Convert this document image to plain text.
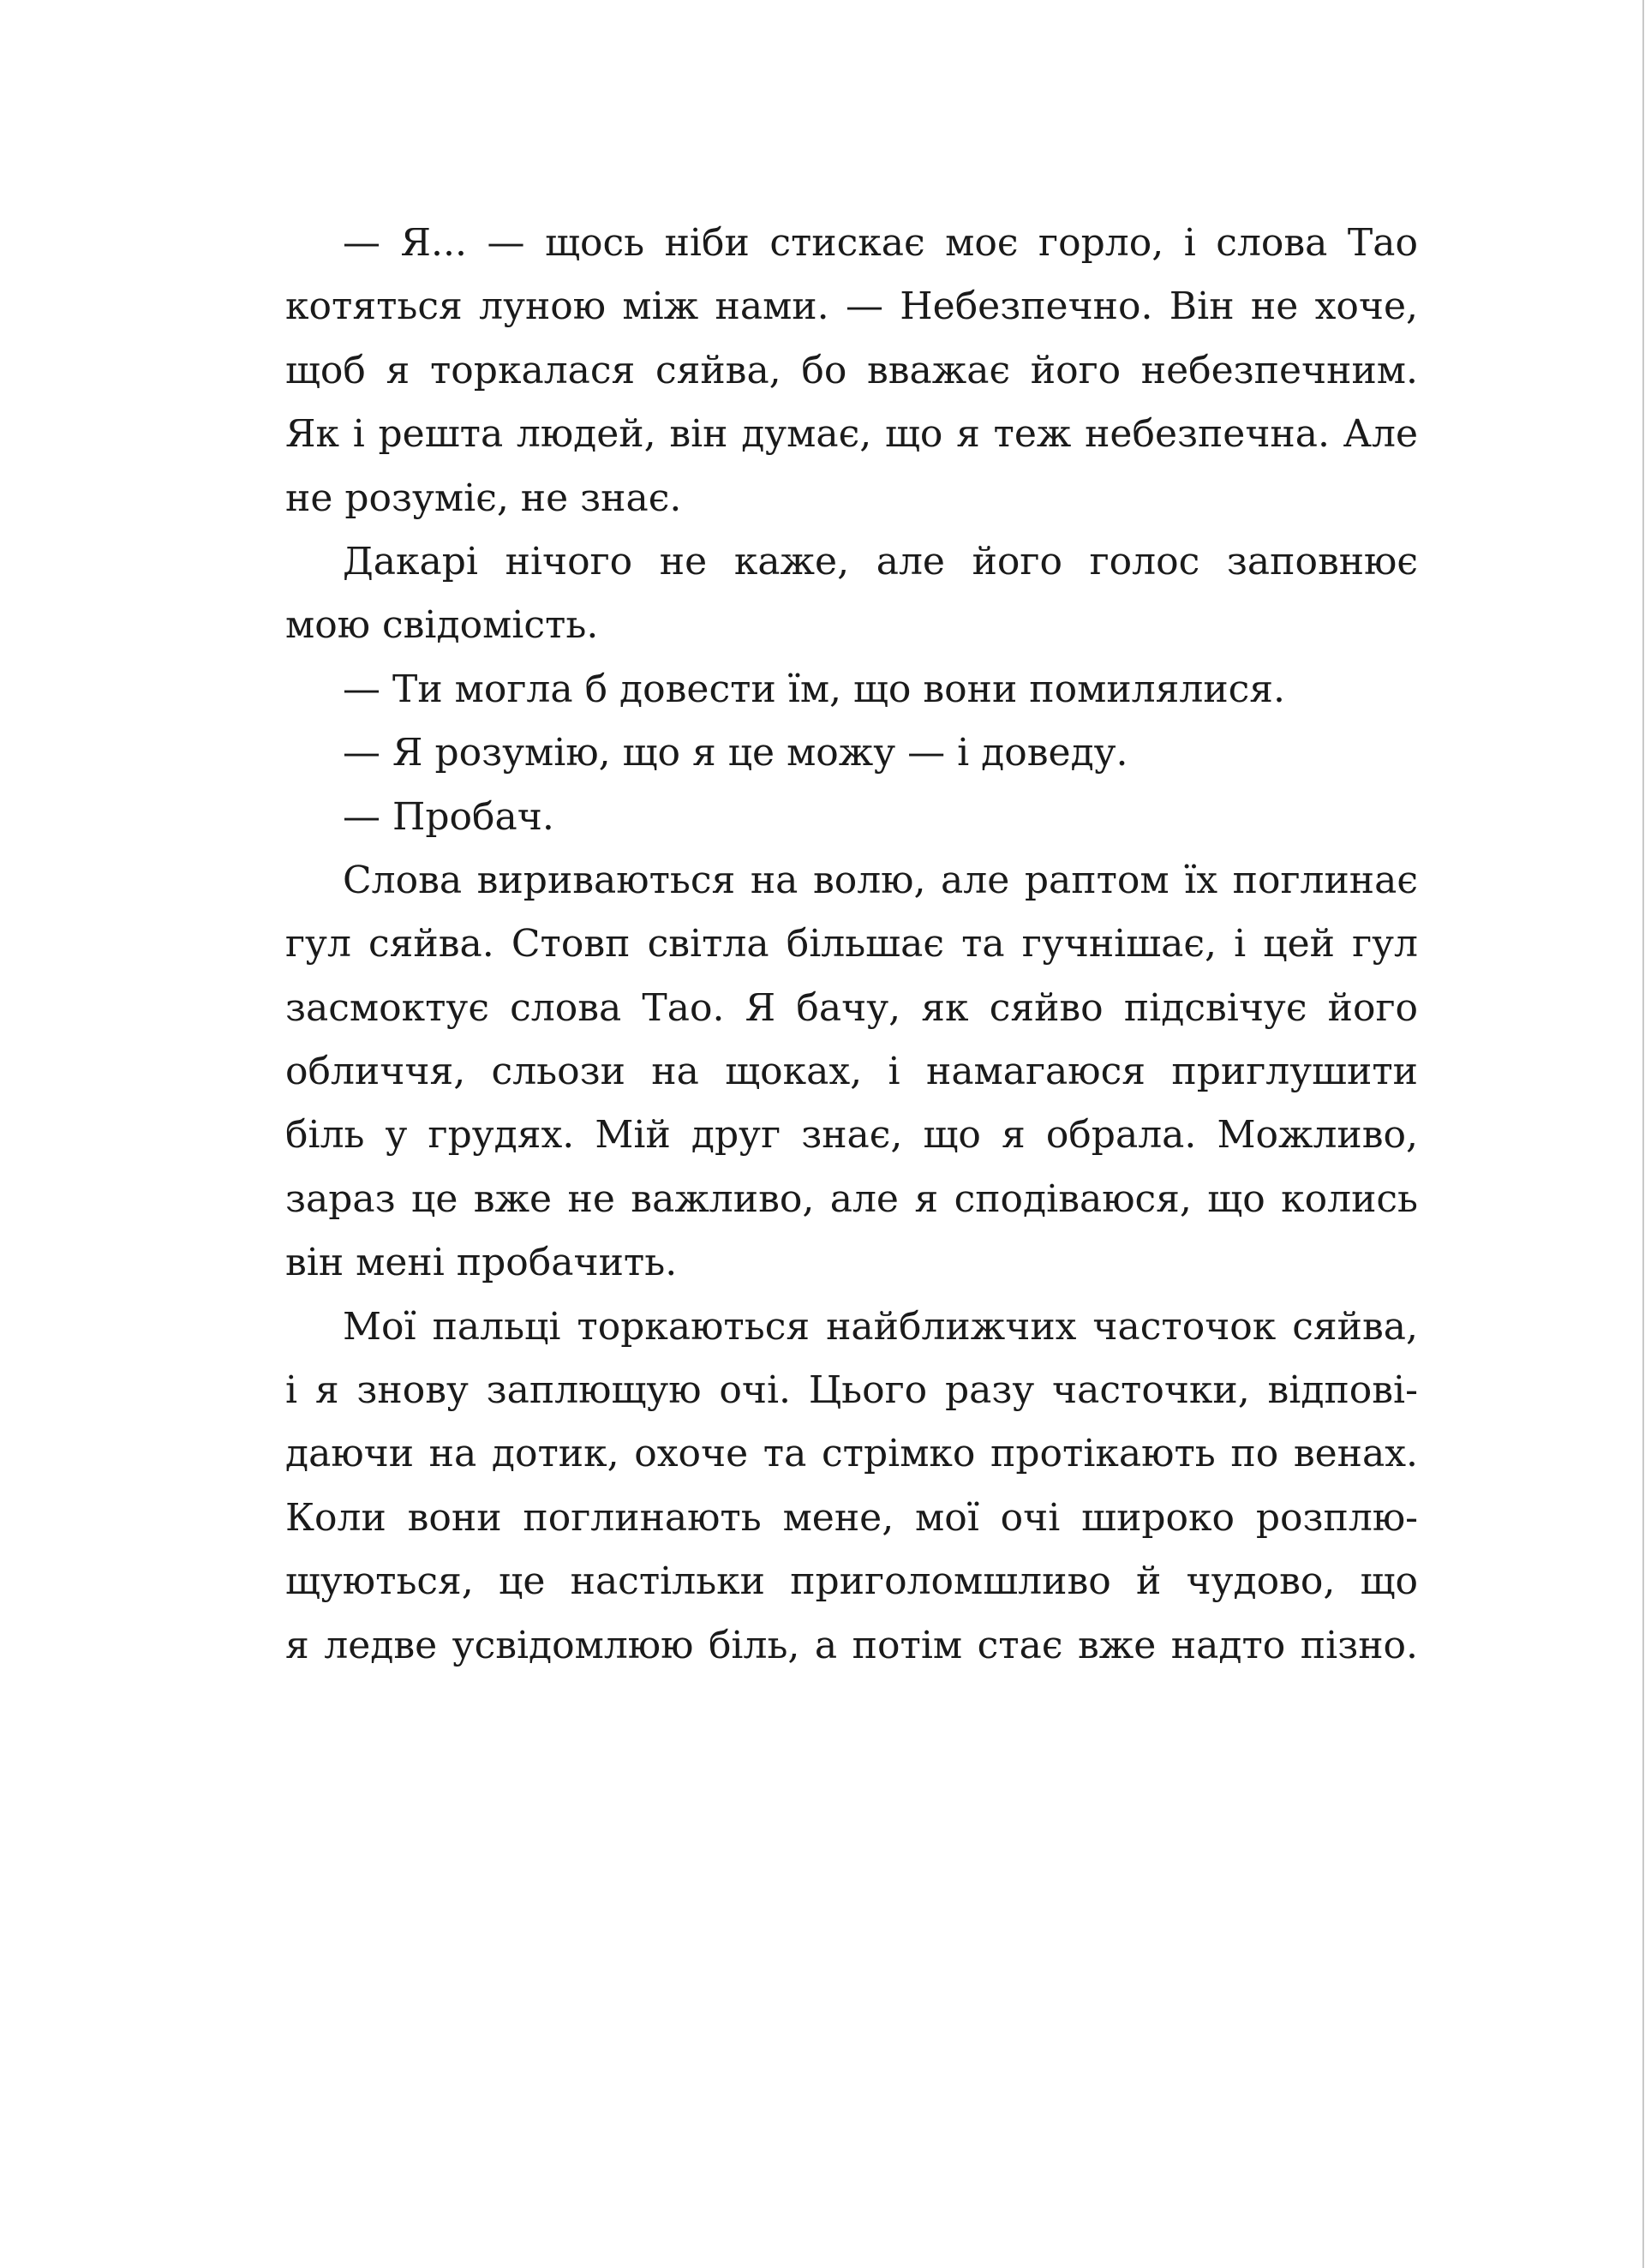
— Я... — щось ніби стискає моє горло, і слова Тао
котяться луною між нами. — Небезпечно. Він не хоче,
щоб я торкалася сяйва, бо вважає його небезпечним.
Як і решта людей, він думає, що я теж небезпечна. Але
не розуміє, не знає.
Дакарі нічого не каже, але його голос заповнює
мою свідомість.
— Ти могла б довести їм, що вони помилялися.
— Я розумію, що я це можу — і доведу.
— Пробач.
Слова вириваються на волю, але раптом їх поглинає
гул сяйва. Стовп світла більшає та гучнішає, і цей гул
засмоктує слова Тао. Я бачу, як сяйво підсвічує його
обличчя, сльози на щоках, і намагаюся приглушити
біль у грудях. Мій друг знає, що я обрала. Можливо,
зараз це вже не важливо, але я сподіваюся, що колись
він мені пробачить.
Мої пальці торкаються найближчих часточок сяйва,
і я знову заплющую очі. Цього разу часточки, відпові-
даючи на дотик, охоче та стрімко протікають по венах.
Коли вони поглинають мене, мої очі широко розплю-
щуються, це настільки приголомшливо й чудово, що
я ледве усвідомлюю біль, а потім стає вже надто пізно.
